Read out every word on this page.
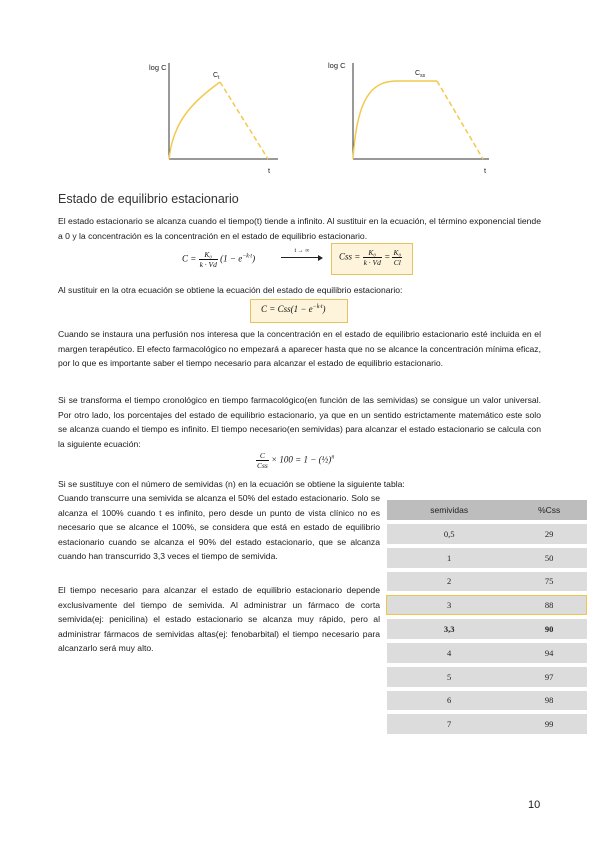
log C
t
$C_t$
log C
t
$C_{ss}$
Estado de equilibrio estacionario
El estado estacionario se alcanza cuando el tiempo(t) tiende a infinito. Al sustituir en la ecuación, el término exponencial tiende a 0 y la concentración es la concentración en el estado de equilibrio estacionario.
$C = \frac{\text{K₀}}{k \cdot Vd} (1 - e^{-k\cdot t})$
t → ∞
Css = $\frac{\text{K₀}}{k \cdot Vd} = \frac{\text{K₀}}{Cl}$
Al sustituir en la otra ecuación se obtiene la ecuación del estado de equilibrio estacionario:
$C = Css(1 - e^{-k\cdot t})$
Cuando se instaura una perfusión nos interesa que la concentración en el estado de equilibrio estacionario esté incluida en el margen terapéutico. El efecto farmacológico no empezará a aparecer hasta que no se alcance la concentración mínima eficaz, por lo que es importante saber el tiempo necesario para alcanzar el estado de equilibrio estacionario.
Si se transforma el tiempo cronológico en tiempo farmacológico(en función de las semividas) se consigue un valor universal. Por otro lado, los porcentajes del estado de equilibrio estacionario, ya que en un sentido estrictamente matemático este solo se alcanza cuando el tiempo es infinito. El tiempo necesario(en semividas) para alcanzar el estado estacionario se calcula con la siguiente ecuación:
$\frac{C}{\text{Css}} \times 100 = 1$ − (½)$^n$
Si se sustituye con el número de semividas (n) en la ecuación se obtiene la siguiente tabla:
Cuando transcurre una semivida se alcanza el 50% del estado estacionario. Solo se alcanza el 100% cuando t es infinito, pero desde un punto de vista clínico no es necesario que se alcance el 100%, se considera que está en estado de equilibrio estacionario cuando se alcanza el 90% del estado estacionario, que se alcanza cuando han transcurrido 3,3 veces el tiempo de semivida.
El tiempo necesario para alcanzar el estado de equilibrio estacionario depende exclusivamente del tiempo de semivida. Al administrar un fármaco de corta semivida(ej: penicilina) el estado estacionario se alcanza muy rápido, pero al administrar fármacos de semividas altas(ej: fenobarbital) el tiempo necesario para alcanzarlo será muy alto.
semividas	%Css
0,5	29
1	50
2	75
3	88
3,3	90
4	94
5	97
6	98
7	99
10
